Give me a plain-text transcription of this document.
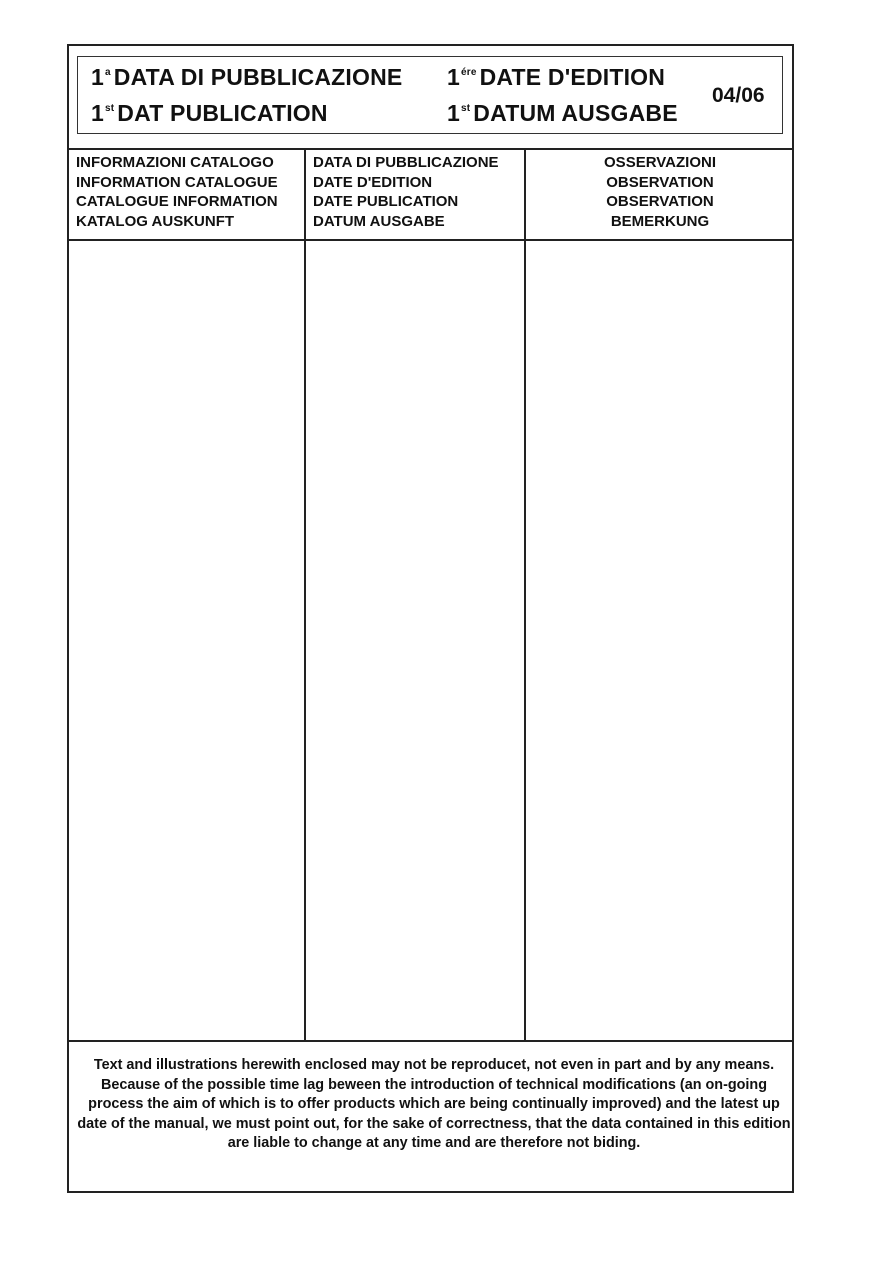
1$^a$ DATA DI PUBBLICAZIONE $1^{ére}$ DATE D'EDITION
1st DAT PUBLICATION	1st DATUM AUSGABE
04/06
INFORMAZIONI CATALOGO
INFORMATION CATALOGUE
CATALOGUE INFORMATION
KATALOG AUSKUNFT
DATA DI PUBBLICAZIONE
DATE D'EDITION
DATE PUBLICATION
DATUM AUSGABE
OSSERVAZIONI
OBSERVATION
OBSERVATION
BEMERKUNG

Text and illustrations herewith enclosed may not be reproducet, not even in part and by any means.

Because of the possible time lag beween the introduction of technical modifications (an on-going process the aim of which is to offer products which are being continually improved) and the latest up date of the manual, we must point out, for the sake of correctness, that the data contained in this edition are liable to change at any time and are therefore not biding.
